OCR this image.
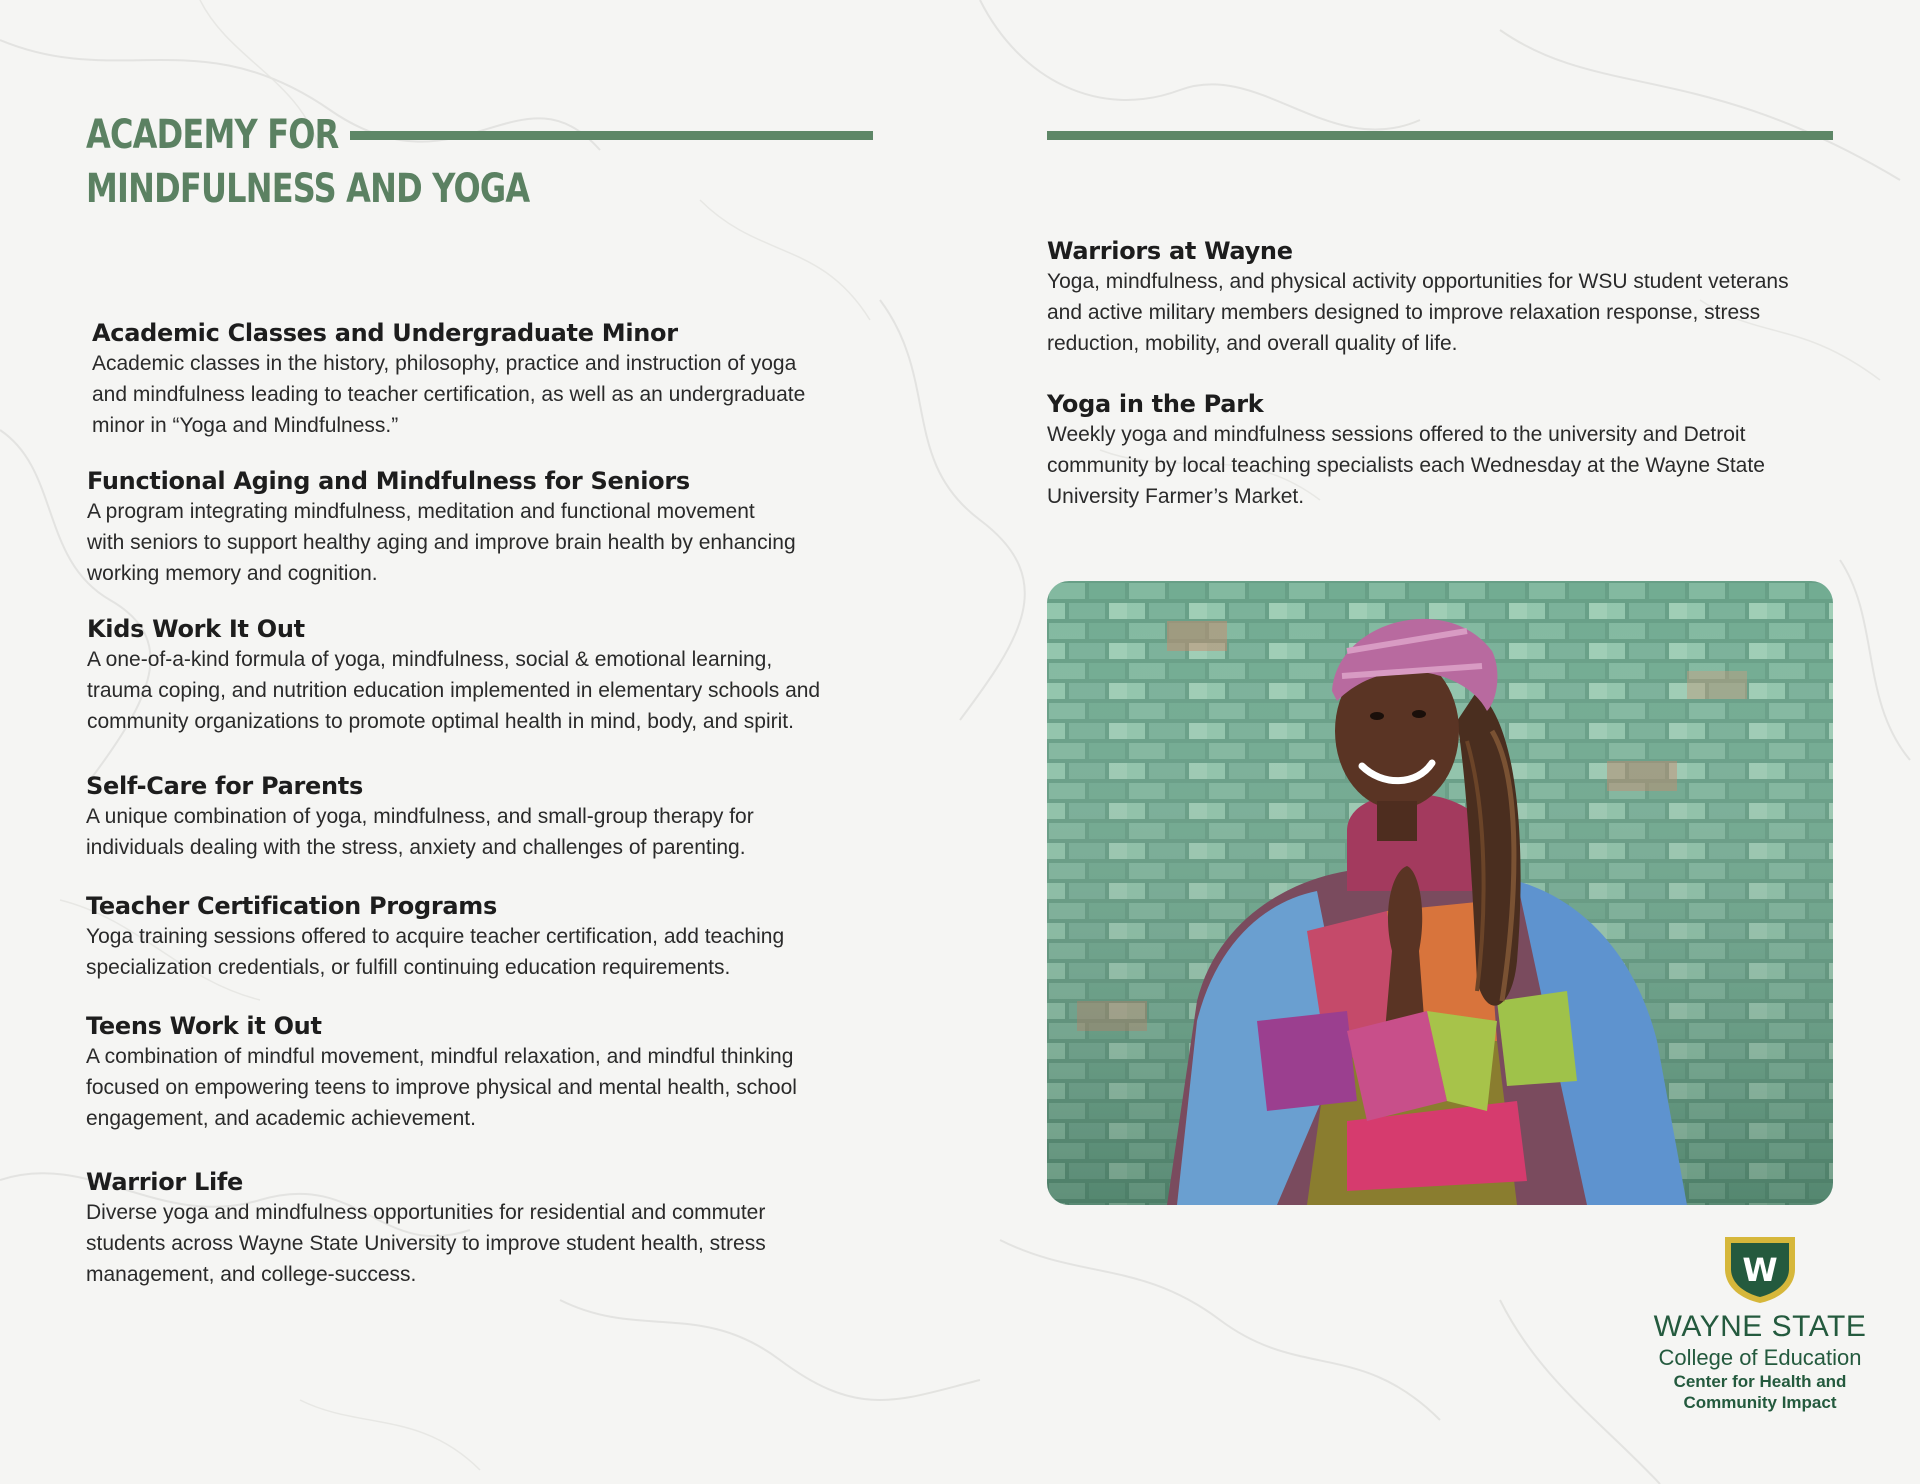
ACADEMY FOR
MINDFULNESS AND YOGA
Academic Classes and Undergraduate Minor

Academic classes in the history, philosophy, practice and instruction of yoga

and mindfulness leading to teacher certification, as well as an undergraduate

minor in “Yoga and Mindfulness.”

Functional Aging and Mindfulness for Seniors

A program integrating mindfulness, meditation and functional movement

with seniors to support healthy aging and improve brain health by enhancing

working memory and cognition.

Kids Work It Out

A one-of-a-kind formula of yoga, mindfulness, social & emotional learning,

trauma coping, and nutrition education implemented in elementary schools and

community organizations to promote optimal health in mind, body, and spirit.

Self-Care for Parents

A unique combination of yoga, mindfulness, and small-group therapy for

individuals dealing with the stress, anxiety and challenges of parenting.

Teacher Certification Programs

Yoga training sessions offered to acquire teacher certification, add teaching

specialization credentials, or fulfill continuing education requirements.

Teens Work it Out

A combination of mindful movement, mindful relaxation, and mindful thinking

focused on empowering teens to improve physical and mental health, school

engagement, and academic achievement.

Warrior Life

Diverse yoga and mindfulness opportunities for residential and commuter

students across Wayne State University to improve student health, stress

management, and college-success.

Warriors at Wayne

Yoga, mindfulness, and physical activity opportunities for WSU student veterans

and active military members designed to improve relaxation response, stress

reduction, mobility, and overall quality of life.

Yoga in the Park

Weekly yoga and mindfulness sessions offered to the university and Detroit

community by local teaching specialists each Wednesday at the Wayne State

University Farmer’s Market.

W
WAYNE STATE
College of Education
Center for Health and
Community Impact
